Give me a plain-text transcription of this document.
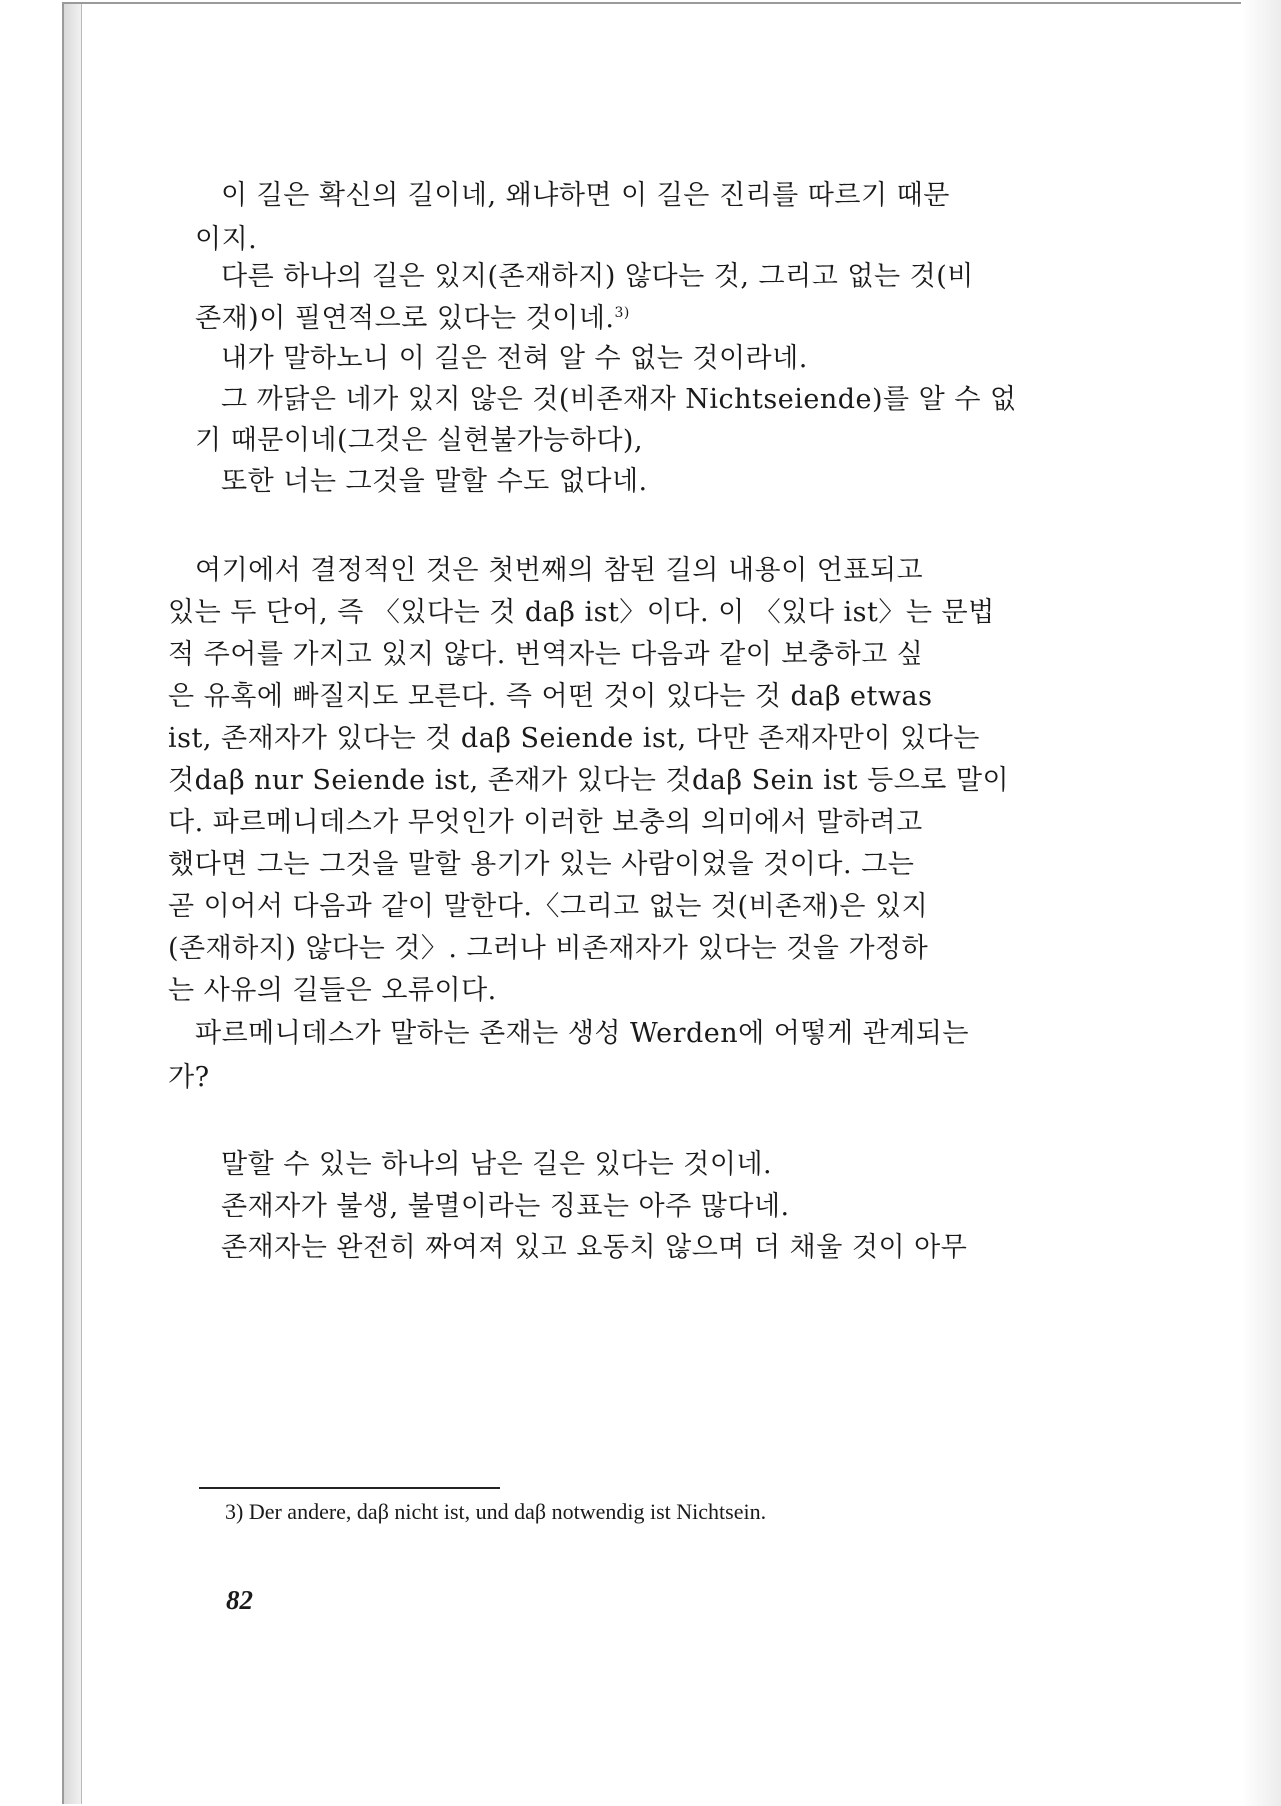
이 길은 확신의 길이네, 왜냐하면 이 길은 진리를 따르기 때문
이지.
다른 하나의 길은 있지(존재하지) 않다는 것, 그리고 없는 것(비
존재)이 필연적으로 있다는 것이네.$^{3)}$
내가 말하노니 이 길은 전혀 알 수 없는 것이라네.
그 까닭은 네가 있지 않은 것(비존재자 Nichtseiende)를 알 수 없
기 때문이네(그것은 실현불가능하다),
또한 너는 그것을 말할 수도 없다네.
여기에서 결정적인 것은 첫번째의 참된 길의 내용이 언표되고
있는 두 단어, 즉 〈있다는 것 daβ ist〉이다. 이 〈있다 ist〉는 문법
적 주어를 가지고 있지 않다. 번역자는 다음과 같이 보충하고 싶
은 유혹에 빠질지도 모른다. 즉 어떤 것이 있다는 것 daβ etwas
ist, 존재자가 있다는 것 daβ Seiende ist, 다만 존재자만이 있다는
것daβ nur Seiende ist, 존재가 있다는 것daβ Sein ist 등으로 말이
다. 파르메니데스가 무엇인가 이러한 보충의 의미에서 말하려고
했다면 그는 그것을 말할 용기가 있는 사람이었을 것이다. 그는
곧 이어서 다음과 같이 말한다.〈그리고 없는 것(비존재)은 있지
(존재하지) 않다는 것〉. 그러나 비존재자가 있다는 것을 가정하
는 사유의 길들은 오류이다.
파르메니데스가 말하는 존재는 생성 Werden에 어떻게 관계되는
가?
말할 수 있는 하나의 남은 길은 있다는 것이네.
존재자가 불생, 불멸이라는 징표는 아주 많다네.
존재자는 완전히 짜여져 있고 요동치 않으며 더 채울 것이 아무
3) Der andere, daβ nicht ist, und daβ notwendig ist Nichtsein.
82
